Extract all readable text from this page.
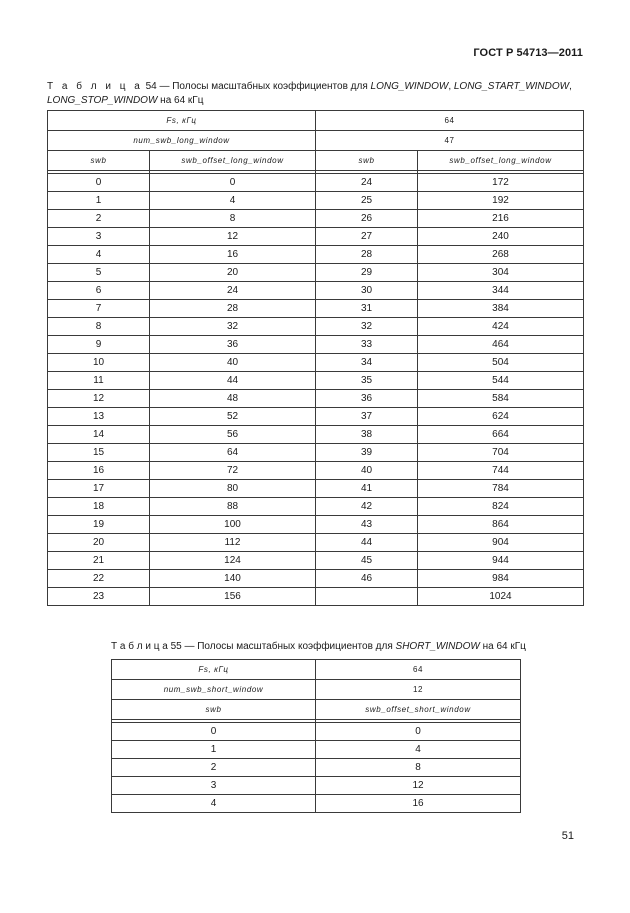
ГОСТ Р 54713—2011
Т а б л и ц а 54 — Полосы масштабных коэффициентов для LONG_WINDOW, LONG_START_WINDOW, LONG_STOP_WINDOW на 64 кГц
Fs, кГц		64	
num_swb_long_window		47	
swb	swb_offset_long_window	swb	swb_offset_long_window

0	0	24	172
1	4	25	192
2	8	26	216
3	12	27	240
4	16	28	268
5	20	29	304
6	24	30	344
7	28	31	384
8	32	32	424
9	36	33	464
10	40	34	504
11	44	35	544
12	48	36	584
13	52	37	624
14	56	38	664
15	64	39	704
16	72	40	744
17	80	41	784
18	88	42	824
19	100	43	864
20	112	44	904
21	124	45	944
22	140	46	984
23	156		1024
Т а б л и ц а 55 — Полосы масштабных коэффициентов для SHORT_WINDOW на 64 кГц
Fs, кГц	64
num_swb_short_window	12
swb	swb_offset_short_window

0	0
1	4
2	8
3	12
4	16
51
